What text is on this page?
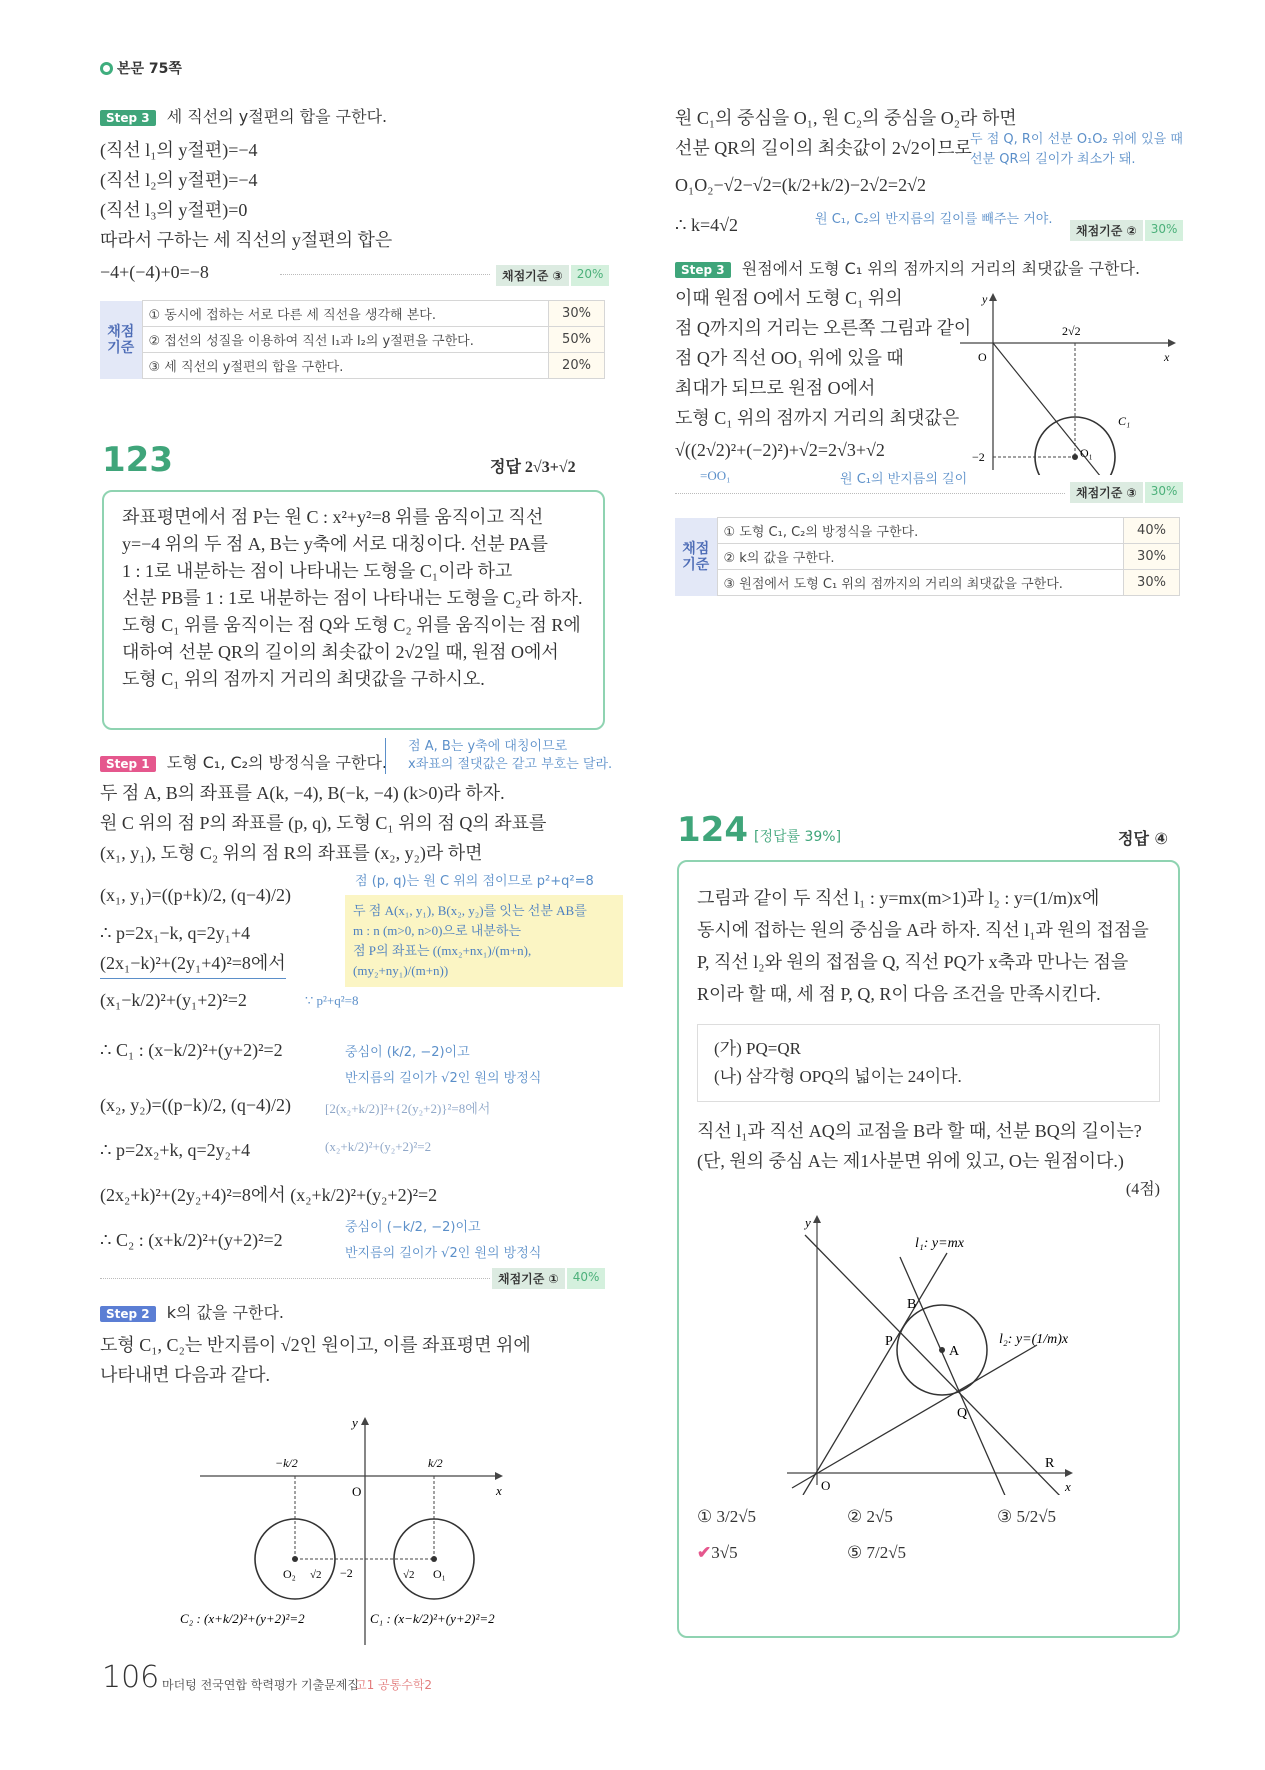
본문 75쪽
Step 3 세 직선의 y절편의 합을 구한다.
(직선 l₁의 y절편)=−4
(직선 l₂의 y절편)=−4
(직선 l₃의 y절편)=0
따라서 구하는 세 직선의 y절편의 합은
−4+(−4)+0=−8	채점기준 ③	20%
채점 기준	① 동시에 접하는 서로 다른 세 직선을 생각해 본다.	30%
	② 접선의 성질을 이용하여 직선 l₁과 l₂의 y절편을 구한다.	50%
	③ 세 직선의 y절편의 합을 구한다.	20%
123	정답 2√3+√2
좌표평면에서 점 P는 원 C : x²+y²=8 위를 움직이고 직선
y=−4 위의 두 점 A, B는 y축에 서로 대칭이다. 선분 PA를
1 : 1로 내분하는 점이 나타내는 도형을 C₁이라 하고
선분 PB를 1 : 1로 내분하는 점이 나타내는 도형을 C₂라 하자.
도형 C₁ 위를 움직이는 점 Q와 도형 C₂ 위를 움직이는 점 R에
대하여 선분 QR의 길이의 최솟값이 2√2일 때, 원점 O에서
도형 C₁ 위의 점까지 거리의 최댓값을 구하시오.
Step 1 도형 C₁, C₂의 방정식을 구한다.
점 A, B는 y축에 대칭이므로
x좌표의 절댓값은 같고 부호는 달라.
두 점 A, B의 좌표를 A(k, −4), B(−k, −4) (k>0)라 하자.
원 C 위의 점 P의 좌표를 (p, q), 도형 C₁ 위의 점 Q의 좌표를
(x₁, y₁), 도형 C₂ 위의 점 R의 좌표를 (x₂, y₂)라 하면
점 (p, q)는 원 C 위의 점이므로 p²+q²=8
(x₁, y₁)=((p+k)/2, (q−4)/2)
두 점 A(x₁, y₁), B(x₂, y₂)를 잇는 선분 AB를
m : n (m>0, n>0)으로 내분하는
점 P의 좌표는 ((mx₂+nx₁)/(m+n), (my₂+ny₁)/(m+n))
∴ p=2x₁−k, q=2y₁+4
(2x₁−k)²+(2y₁+4)²=8에서
(x₁−k/2)²+(y₁+2)²=2	∵ p²+q²=8
∴ C₁ : (x−k/2)²+(y+2)²=2	중심이 (k/2, −2)이고
반지름의 길이가 √2인 원의 방정식
(x₂, y₂)=((p−k)/2, (q−4)/2)	[2(x₂+k/2)]²+{2(y₂+2)}²=8에서
(x₂+k/2)²+(y₂+2)²=2
∴ p=2x₂+k, q=2y₂+4
(2x₂+k)²+(2y₂+4)²=8에서 (x₂+k/2)²+(y₂+2)²=2
∴ C₂ : (x+k/2)²+(y+2)²=2
중심이 (−k/2, −2)이고
반지름의 길이가 √2인 원의 방정식
채점기준 ①	40%
Step 2 k의 값을 구한다.
도형 C₁, C₂는 반지름이 √2인 원이고, 이를 좌표평면 위에
나타내면 다음과 같다.
y
x
O
−k/2	k/2
O₂ √2 −2	√2 O₁
C₂ : (x+k/2)²+(y+2)²=2	C₁ : (x−k/2)²+(y+2)²=2
106 마더텅 전국연합 학력평가 기출문제집
고1 공통수학2
원 C₁의 중심을 O₁, 원 C₂의 중심을 O₂라 하면
선분 QR의 길이의 최솟값이 2√2이므로
두 점 Q, R이 선분 O₁O₂ 위에 있을 때
선분 QR의 길이가 최소가 돼.
O₁O₂−√2−√2=(k/2+k/2)−2√2=2√2
∴ k=4√2	원 C₁, C₂의 반지름의 길이를 빼주는 거야.
채점기준 ②	30%
Step 3 원점에서 도형 C₁ 위의 점까지의 거리의 최댓값을 구한다.
이때 원점 O에서 도형 C₁ 위의
점 Q까지의 거리는 오른쪽 그림과 같이
점 Q가 직선 OO₁ 위에 있을 때
최대가 되므로 원점 O에서
도형 C₁ 위의 점까지 거리의 최댓값은
√((2√2)²+(−2)²)+√2=2√3+√2
=OO₁	원 C₁의 반지름의 길이
y
x
O
2√2
−2	O₁
C₁
채점기준 ③	30%
채점 기준	① 도형 C₁, C₂의 방정식을 구한다.	40%
	② k의 값을 구한다.	30%
	③ 원점에서 도형 C₁ 위의 점까지의 거리의 최댓값을 구한다.	30%
124 [정답률 39%]	정답 ④
그림과 같이 두 직선 l₁ : y=mx(m>1)과 l₂ : y=(1/m)x에
동시에 접하는 원의 중심을 A라 하자. 직선 l₁과 원의 접점을
P, 직선 l₂와 원의 접점을 Q, 직선 PQ가 x축과 만나는 점을
R이라 할 때, 세 점 P, Q, R이 다음 조건을 만족시킨다.
(가) PQ=QR
(나) 삼각형 OPQ의 넓이는 24이다.
직선 l₁과 직선 AQ의 교점을 B라 할 때, 선분 BQ의 길이는?
(단, 원의 중심 A는 제1사분면 위에 있고, O는 원점이다.)
(4점)
y
x
O
A
B
P
Q
R
l₁: y=mx
l₂: y=(1/m)x
① 3/2√5	② 2√5	③ 5/2√5
✔3√5	⑤ 7/2√5
